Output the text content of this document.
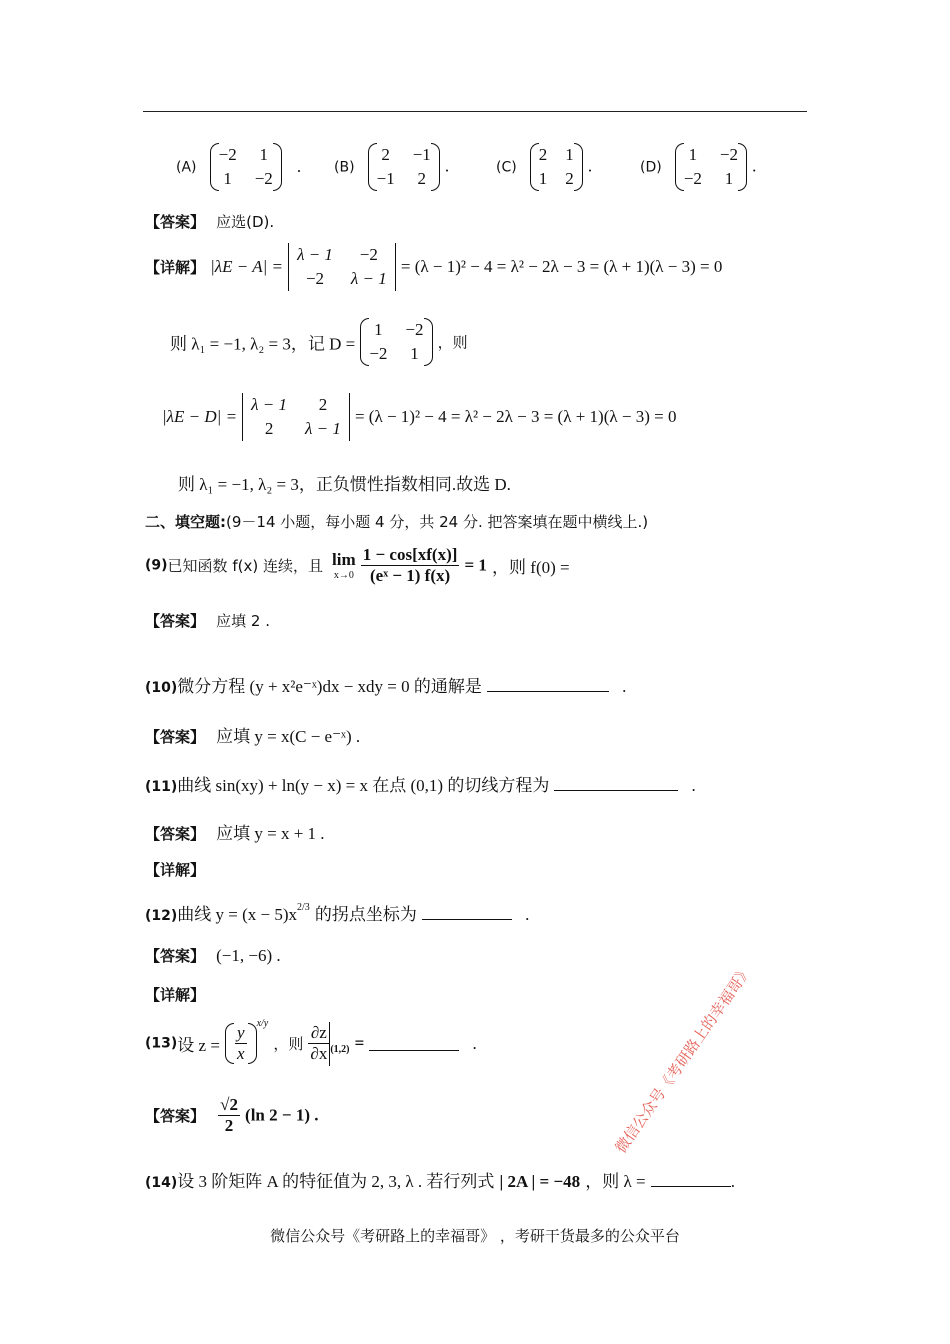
(A)
−2	1
1	−2
. (B)
2	−1
−1	2
.	(C)
2	1
1	2
.	(D)
1	−2
−2	1
.
【答案】 应选(D).
【详解】 |λE − A| =
λ − 1	−2
−2	λ − 1
= (λ − 1)² − 4 = λ² − 2λ − 3 = (λ + 1)(λ − 3) = 0
则 λ₁ = −1, λ₂ = 3，记 D =
1	−2
−2	1
，则
|λE − D| =
λ − 1	2
2	λ − 1
= (λ − 1)² − 4 = λ² − 2λ − 3 = (λ + 1)(λ − 3) = 0
则 λ₁ = −1, λ₂ = 3，正负惯性指数相同.故选 D.
二、填空题:(9－14 小题，每小题 4 分，共 24 分. 把答案填在题中横线上.)
(9)已知函数 f(x) 连续，且 lim
x→0
$\frac{1 - \cos[xf(x)]}{\text{(eˣ − 1) f(x)}} = 1$ ，则 f(0) =
【答案】 应填 2 .
(10)微分方程 (y + x²e⁻ˣ)dx − xdy = 0 的通解是	.
【答案】 应填 y = x(C − e⁻ˣ) .
(11)曲线 sin(xy) + ln(y − x) = x 在点 (0,1) 的切线方程为	.
【答案】 应填 y = x + 1 .
【详解】
(12)曲线 $y = (x - 5)x^{2/3}$ 的拐点坐标为	.
【答案】 (−1, −6) .
【详解】
(13)设 $z = \frac{y}{x} ^{x/y}$ ，则 $\frac{\partial z}{\partial x} _{(1,2)}$ =	.
【答案】 $\frac{√2}{2} (\ln$ 2 − 1) .
(14)设 3 阶矩阵 A 的特征值为 2, 3, λ . 若行列式 | 2A | = −48 ，则 λ =	.
微信公众号《考研路上的幸福哥》
微信公众号《考研路上的幸福哥》 ，考研干货最多的公众平台
